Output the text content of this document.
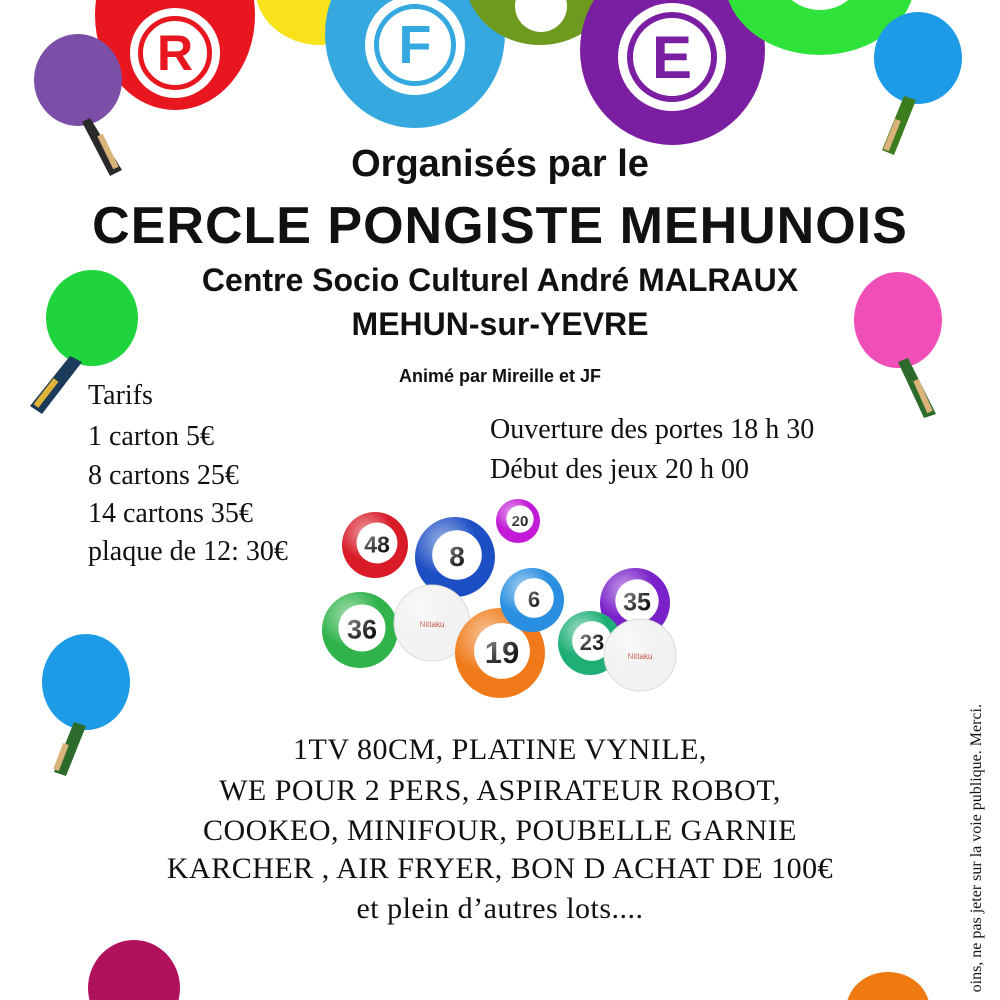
R	F	E
Organisés par le
CERCLE PONGISTE MEHUNOIS
Centre Socio Culturel André MALRAUX
MEHUN-sur-YEVRE
Animé par Mireille et JF
Tarifs
1 carton 5€
8 cartons 25€
14 cartons 35€
plaque de 12: 30€
Ouverture des portes 18 h 30
Début des jeux 20 h 00
1TV 80CM, PLATINE VYNILE,
WE POUR 2 PERS, ASPIRATEUR ROBOT,
COOKEO, MINIFOUR, POUBELLE GARNIE
KARCHER , AIR FRYER, BON D ACHAT DE 100€
et plein d’autres lots....	oins, ne pas jeter sur la voie publique. Merci.
